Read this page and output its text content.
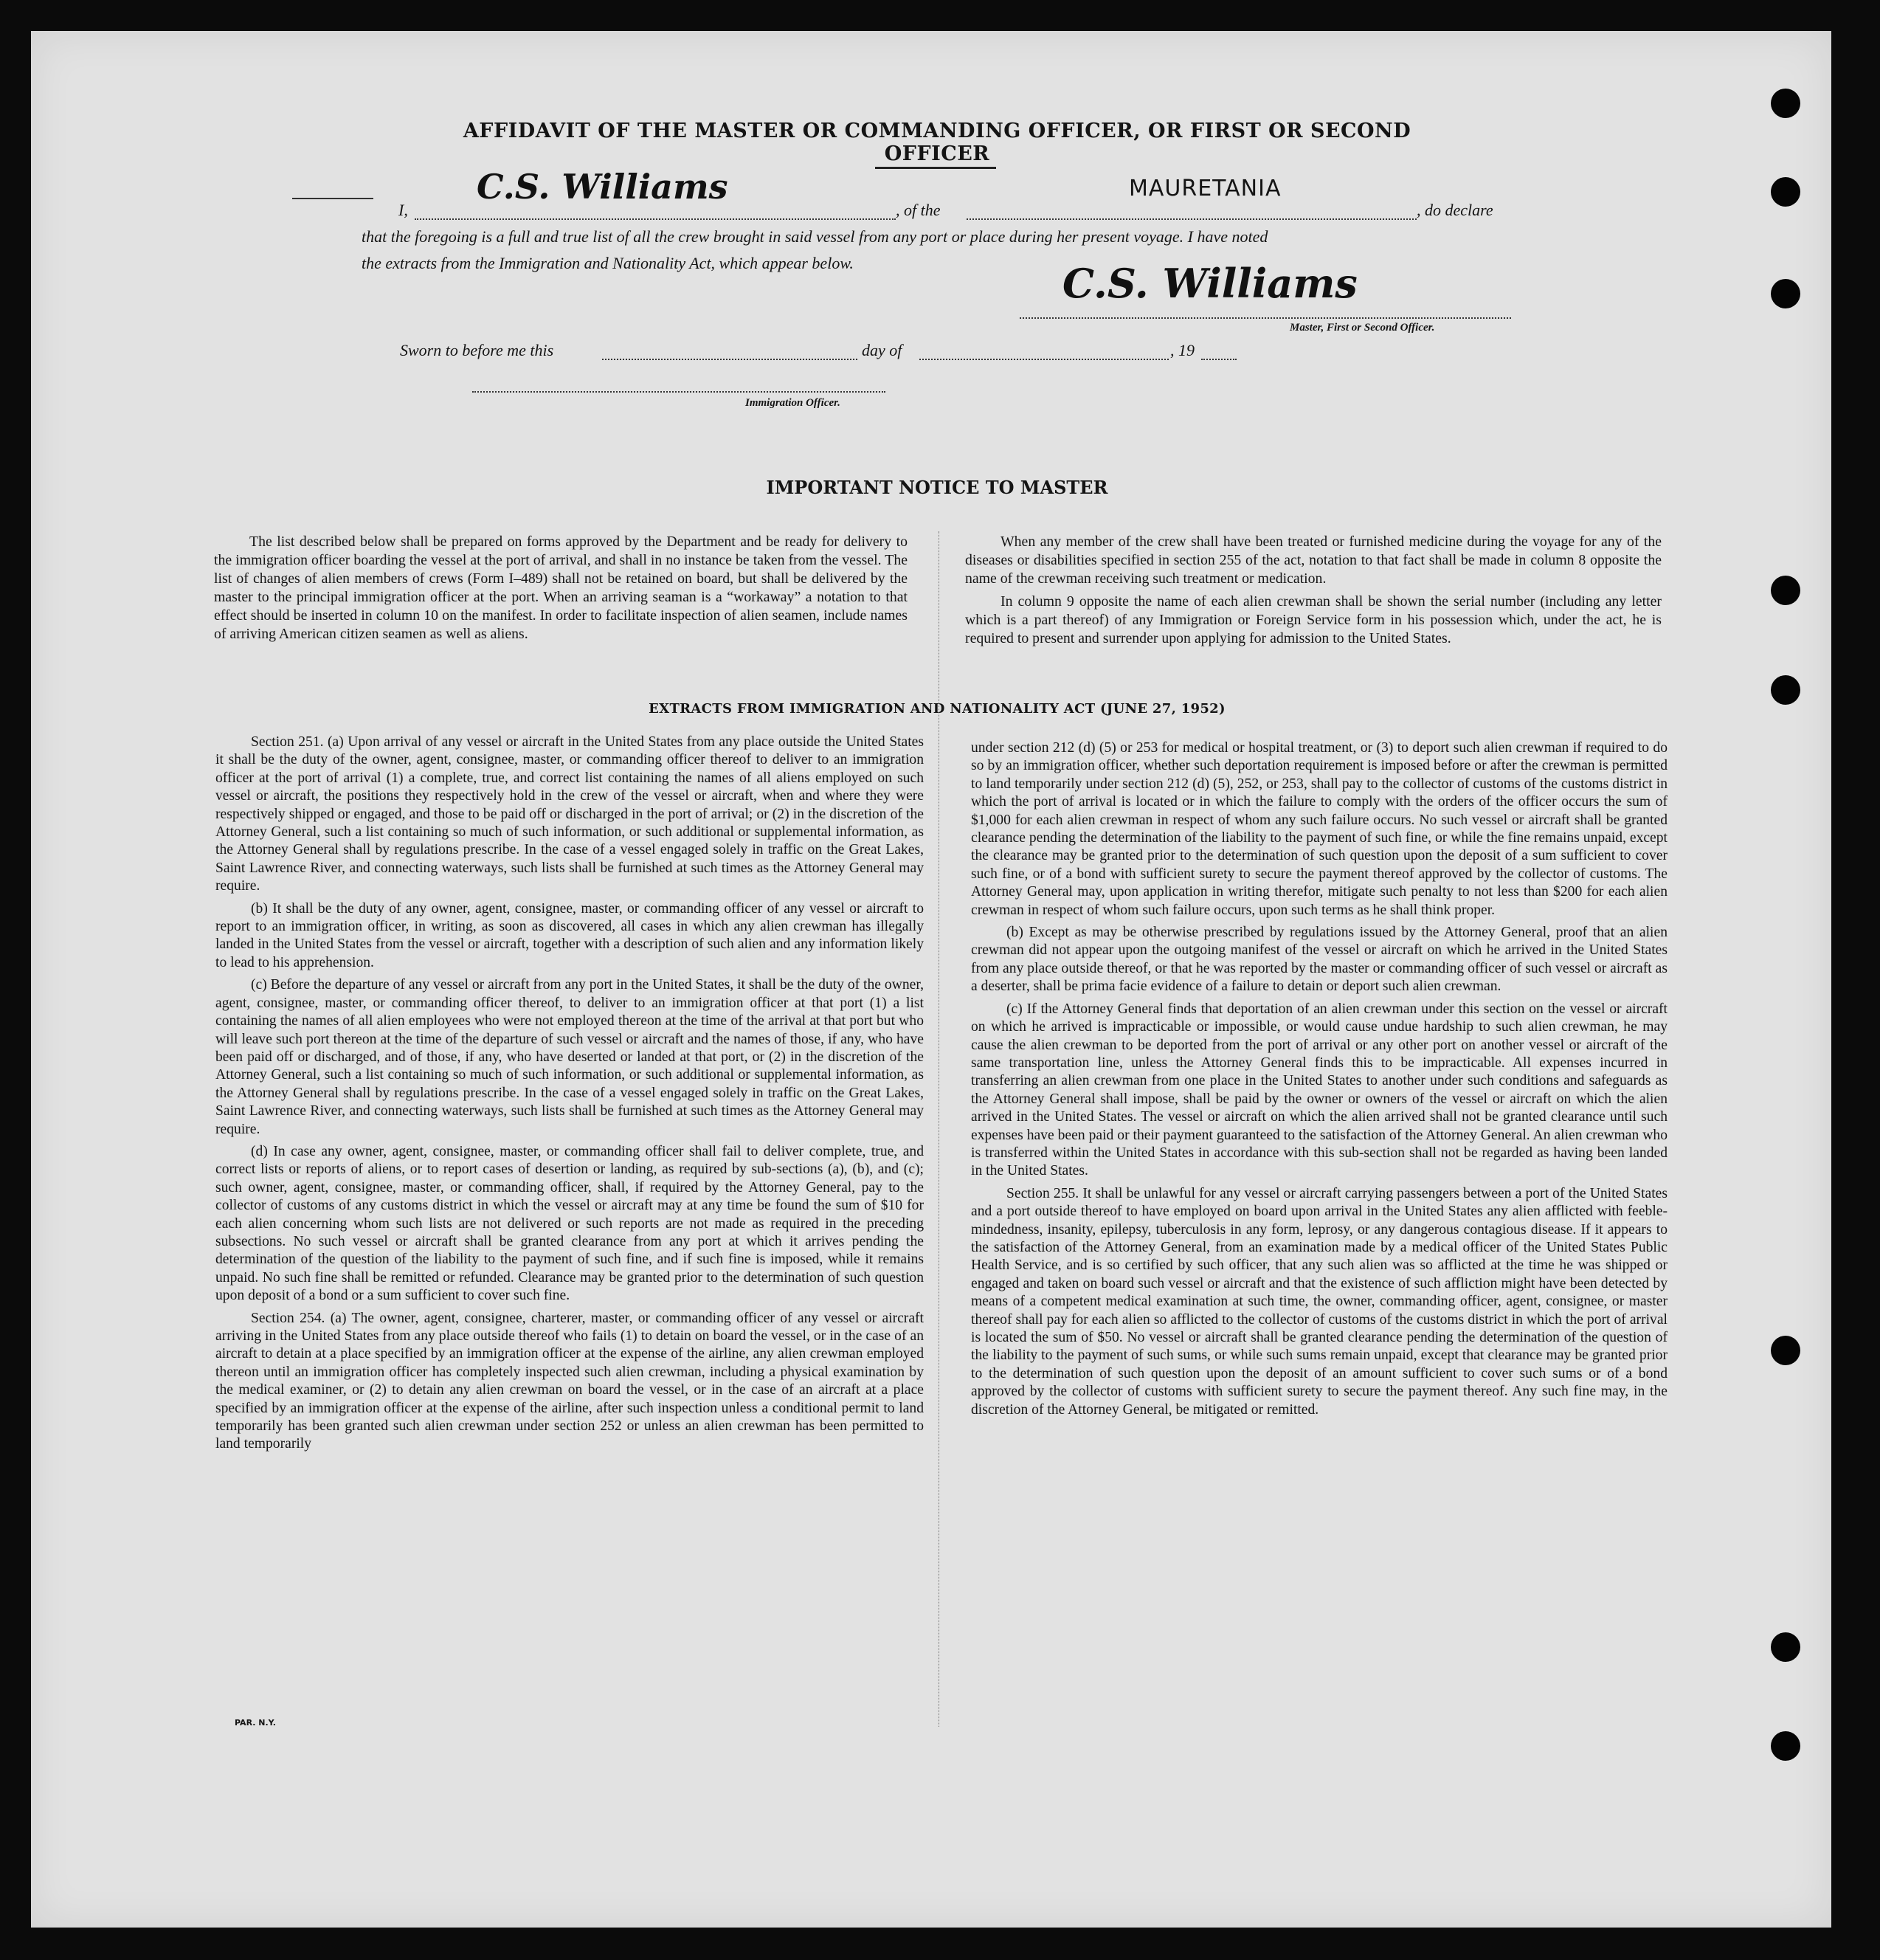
AFFIDAVIT OF THE MASTER OR COMMANDING OFFICER, OR FIRST OR SECOND OFFICER
I,
C.S. Williams
, of the
MAURETANIA
, do declare
that the foregoing is a full and true list of all the crew brought in said vessel from any port or place during her present voyage. I have noted
the extracts from the Immigration and Nationality Act, which appear below.	C.S. Williams
Master, First or Second Officer.
Sworn to before me this	day of	, 19
Immigration Officer.
IMPORTANT NOTICE TO MASTER

The list described below shall be prepared on forms approved by the Department and be ready for delivery to the immigration officer boarding the vessel at the port of arrival, and shall in no instance be taken from the vessel. The list of changes of alien members of crews (Form I–489) shall not be retained on board, but shall be delivered by the master to the principal immigration officer at the port. When an arriving seaman is a “workaway” a notation to that effect should be inserted in column 10 on the manifest. In order to facilitate inspection of alien seamen, include names of arriving American citizen seamen as well as aliens.

When any member of the crew shall have been treated or furnished medicine during the voyage for any of the diseases or disabilities specified in section 255 of the act, notation to that fact shall be made in column 8 opposite the name of the crewman receiving such treatment or medication.

In column 9 opposite the name of each alien crewman shall be shown the serial number (including any letter which is a part thereof) of any Immigration or Foreign Service form in his possession which, under the act, he is required to present and surrender upon applying for admission to the United States.

EXTRACTS FROM IMMIGRATION AND NATIONALITY ACT (JUNE 27, 1952)

Section 251. (a) Upon arrival of any vessel or aircraft in the United States from any place outside the United States it shall be the duty of the owner, agent, consignee, master, or commanding officer thereof to deliver to an immigration officer at the port of arrival (1) a complete, true, and correct list containing the names of all aliens employed on such vessel or aircraft, the positions they respectively hold in the crew of the vessel or aircraft, when and where they were respectively shipped or engaged, and those to be paid off or discharged in the port of arrival; or (2) in the discretion of the Attorney General, such a list containing so much of such information, or such additional or supplemental information, as the Attorney General shall by regulations prescribe. In the case of a vessel engaged solely in traffic on the Great Lakes, Saint Lawrence River, and connecting waterways, such lists shall be furnished at such times as the Attorney General may require.

(b) It shall be the duty of any owner, agent, consignee, master, or commanding officer of any vessel or aircraft to report to an immigration officer, in writing, as soon as discovered, all cases in which any alien crewman has illegally landed in the United States from the vessel or aircraft, together with a description of such alien and any information likely to lead to his apprehension.

(c) Before the departure of any vessel or aircraft from any port in the United States, it shall be the duty of the owner, agent, consignee, master, or commanding officer thereof, to deliver to an immigration officer at that port (1) a list containing the names of all alien employees who were not employed thereon at the time of the arrival at that port but who will leave such port thereon at the time of the departure of such vessel or aircraft and the names of those, if any, who have been paid off or discharged, and of those, if any, who have deserted or landed at that port, or (2) in the discretion of the Attorney General, such a list containing so much of such information, or such additional or supplemental information, as the Attorney General shall by regulations prescribe. In the case of a vessel engaged solely in traffic on the Great Lakes, Saint Lawrence River, and connecting waterways, such lists shall be furnished at such times as the Attorney General may require.

(d) In case any owner, agent, consignee, master, or commanding officer shall fail to deliver complete, true, and correct lists or reports of aliens, or to report cases of desertion or landing, as required by sub-sections (a), (b), and (c); such owner, agent, consignee, master, or commanding officer, shall, if required by the Attorney General, pay to the collector of customs of any customs district in which the vessel or aircraft may at any time be found the sum of $10 for each alien concerning whom such lists are not delivered or such reports are not made as required in the preceding subsections. No such vessel or aircraft shall be granted clearance from any port at which it arrives pending the determination of the question of the liability to the payment of such fine, and if such fine is imposed, while it remains unpaid. No such fine shall be remitted or refunded. Clearance may be granted prior to the determination of such question upon deposit of a bond or a sum sufficient to cover such fine.

Section 254. (a) The owner, agent, consignee, charterer, master, or commanding officer of any vessel or aircraft arriving in the United States from any place outside thereof who fails (1) to detain on board the vessel, or in the case of an aircraft to detain at a place specified by an immigration officer at the expense of the airline, any alien crewman employed thereon until an immigration officer has completely inspected such alien crewman, including a physical examination by the medical examiner, or (2) to detain any alien crewman on board the vessel, or in the case of an aircraft at a place specified by an immigration officer at the expense of the airline, after such inspection unless a conditional permit to land temporarily has been granted such alien crewman under section 252 or unless an alien crewman has been permitted to land temporarily

under section 212 (d) (5) or 253 for medical or hospital treatment, or (3) to deport such alien crewman if required to do so by an immigration officer, whether such deportation requirement is imposed before or after the crewman is permitted to land temporarily under section 212 (d) (5), 252, or 253, shall pay to the collector of customs of the customs district in which the port of arrival is located or in which the failure to comply with the orders of the officer occurs the sum of $1,000 for each alien crewman in respect of whom any such failure occurs. No such vessel or aircraft shall be granted clearance pending the determination of the liability to the payment of such fine, or while the fine remains unpaid, except the clearance may be granted prior to the determination of such question upon the deposit of a sum sufficient to cover such fine, or of a bond with sufficient surety to secure the payment thereof approved by the collector of customs. The Attorney General may, upon application in writing therefor, mitigate such penalty to not less than $200 for each alien crewman in respect of whom such failure occurs, upon such terms as he shall think proper.

(b) Except as may be otherwise prescribed by regulations issued by the Attorney General, proof that an alien crewman did not appear upon the outgoing manifest of the vessel or aircraft on which he arrived in the United States from any place outside thereof, or that he was reported by the master or commanding officer of such vessel or aircraft as a deserter, shall be prima facie evidence of a failure to detain or deport such alien crewman.

(c) If the Attorney General finds that deportation of an alien crewman under this section on the vessel or aircraft on which he arrived is impracticable or impossible, or would cause undue hardship to such alien crewman, he may cause the alien crewman to be deported from the port of arrival or any other port on another vessel or aircraft of the same transportation line, unless the Attorney General finds this to be impracticable. All expenses incurred in transferring an alien crewman from one place in the United States to another under such conditions and safeguards as the Attorney General shall impose, shall be paid by the owner or owners of the vessel or aircraft on which the alien arrived in the United States. The vessel or aircraft on which the alien arrived shall not be granted clearance until such expenses have been paid or their payment guaranteed to the satisfaction of the Attorney General. An alien crewman who is transferred within the United States in accordance with this sub-section shall not be regarded as having been landed in the United States.

Section 255. It shall be unlawful for any vessel or aircraft carrying passengers between a port of the United States and a port outside thereof to have employed on board upon arrival in the United States any alien afflicted with feeble-mindedness, insanity, epilepsy, tuberculosis in any form, leprosy, or any dangerous contagious disease. If it appears to the satisfaction of the Attorney General, from an examination made by a medical officer of the United States Public Health Service, and is so certified by such officer, that any such alien was so afflicted at the time he was shipped or engaged and taken on board such vessel or aircraft and that the existence of such affliction might have been detected by means of a competent medical examination at such time, the owner, commanding officer, agent, consignee, or master thereof shall pay for each alien so afflicted to the collector of customs of the customs district in which the port of arrival is located the sum of $50. No vessel or aircraft shall be granted clearance pending the determination of the question of the liability to the payment of such sums, or while such sums remain unpaid, except that clearance may be granted prior to the determination of such question upon the deposit of an amount sufficient to cover such sums or of a bond approved by the collector of customs with sufficient surety to secure the payment thereof. Any such fine may, in the discretion of the Attorney General, be mitigated or remitted.

PAR. N.Y.
